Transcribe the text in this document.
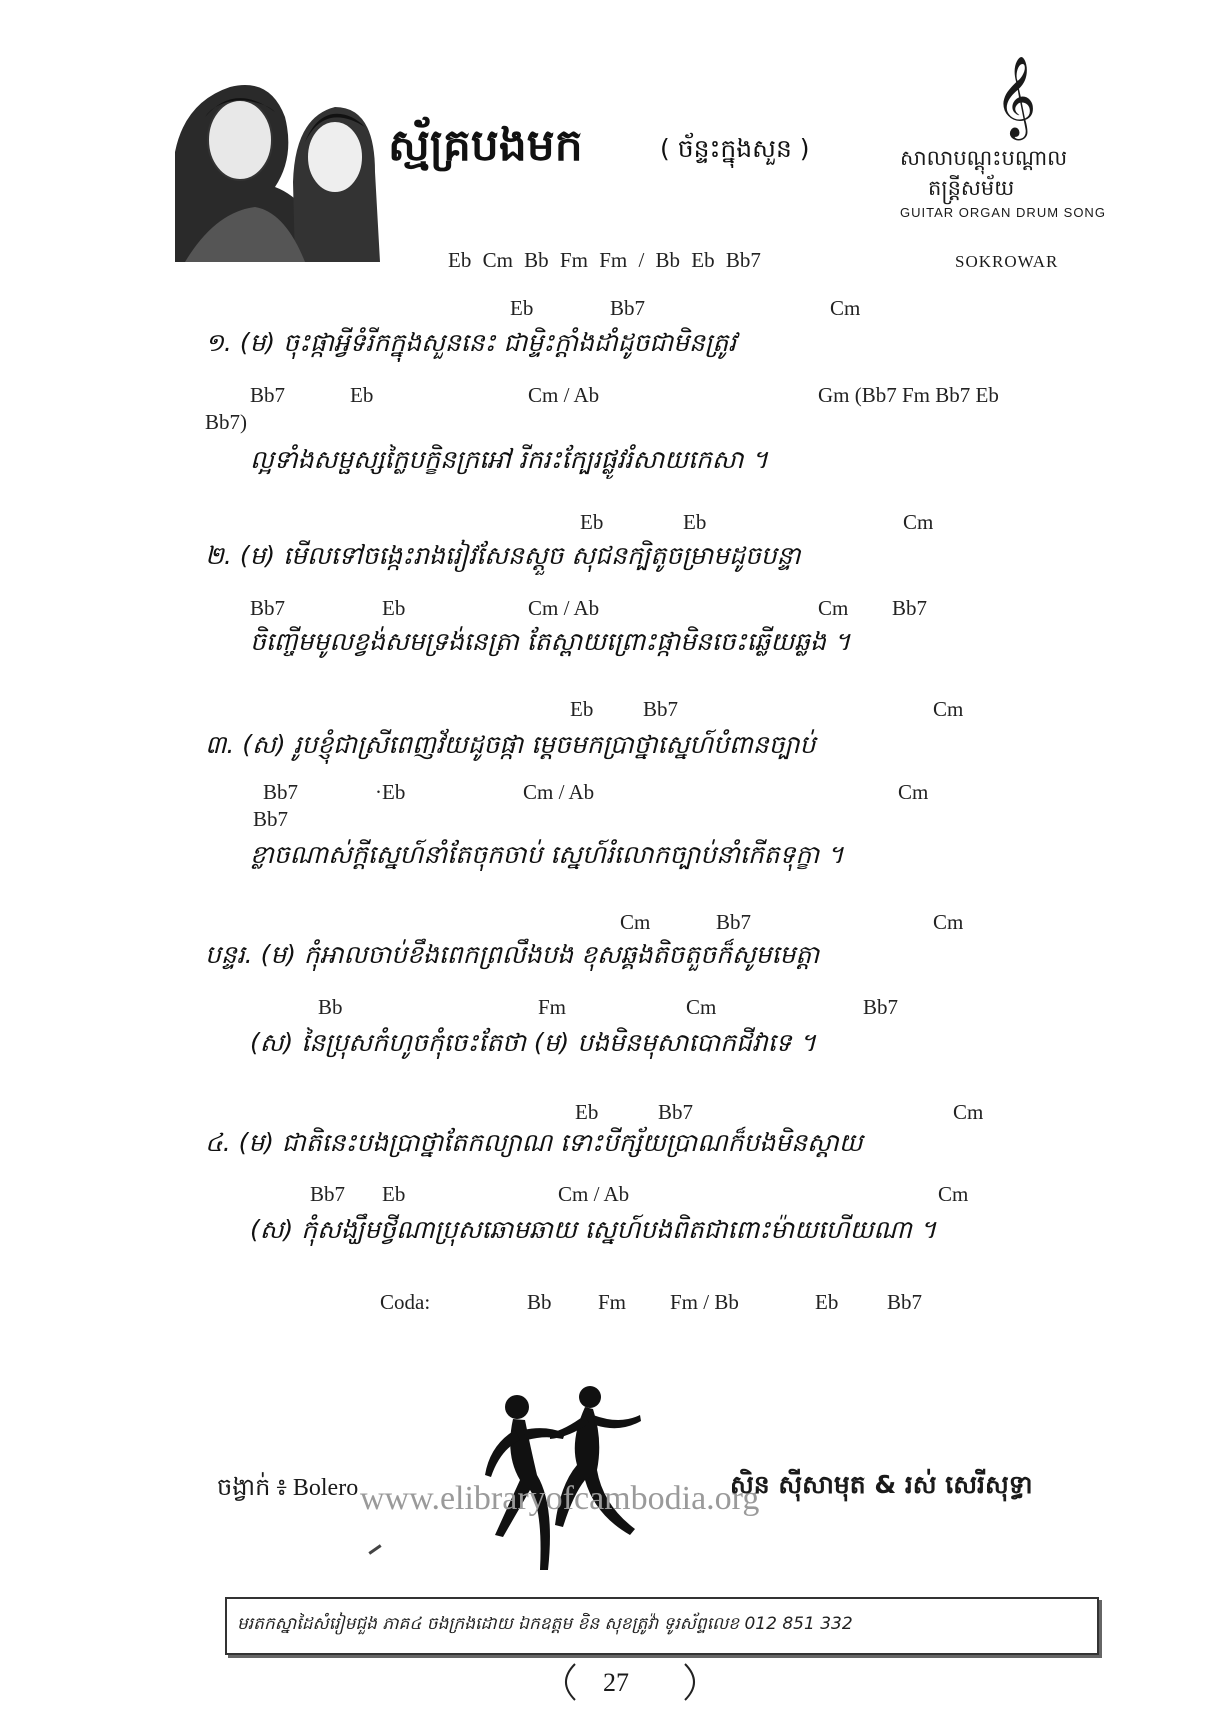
ស្ម័គ្របងមក	( ច័ន្ទះក្នុងសួន )
𝄞
សាលាបណ្តុះបណ្តាល
តន្ត្រីសម័យ
GUITAR ORGAN DRUM SONG
SOKROWAR
Eb Cm Bb Fm Fm / Bb Eb Bb7
Eb	Bb7	Cm
១. (ម) ចុះផ្កាអ្វីទំរីកក្នុងសួននេះ ជាម្ទិះក្តាំងដាំដូចជាមិនត្រូវ
Bb7	Eb	Cm / Ab	Gm (Bb7 Fm Bb7 Eb
Bb7)
ល្អទាំងសម្ផស្សក្លៃបក្ខិនក្រអៅ រីករះក្បែរផ្លូវរំសាយកេសា ។
Eb	Eb	Cm
២. (ម) មើលទៅចង្កេះរាងរៀវសែនស្តួច សុជនក្បិតូចម្រាមដូចបន្ទា
Bb7	Eb	Cm / Ab	Cm Bb7
ចិញ្ចើមមូលខ្វង់សមទ្រង់នេត្រា តែស្ពាយព្រោះផ្កាមិនចេះឆ្លើយឆ្លង ។
Eb Bb7	Cm
៣. (ស) រូបខ្ញុំជាស្រីពេញវ័យដូចផ្កា ម្តេចមកប្រាថ្នាស្នេហ៍បំពានច្បាប់
Bb7	·Eb	Cm / Ab	Cm
Bb7
ខ្លាចណាស់ក្តីស្នេហ៍នាំតែចុកចាប់ ស្នេហ៍រំលោកច្បាប់នាំកើតទុក្ខា ។
Cm	Bb7	Cm
បន្ទរ. (ម) កុំអាលចាប់ខឹងពេកព្រលឹងបង ខុសឆ្គងតិចតួចក៏សូមមេត្តា
Bb	Fm	Cm	Bb7
(ស) នៃប្រុសកំហូចកុំចេះតែថា (ម) បងមិនមុសាបោកជីវាទេ ។
Eb	Bb7	Cm
៤. (ម) ជាតិនេះបងប្រាថ្នាតែកល្យាណ ទោះបីក្ស័យប្រាណក៏បងមិនស្តាយ
Bb7 Eb	Cm / Ab	Cm
(ស) កុំសង្ឃឹមថ្វីណាប្រុសឆោមឆាយ ស្នេហ៍បងពិតជាពោះម៉ាយហើយណា ។
Coda:	Bb Fm Fm / Bb	Eb Bb7
ចង្វាក់ ៖ Bolero www.elibraryofcambodia.org
សិន ស៊ីសាមុត & រស់ សេរីសុទ្ធា
មរតកស្នាដៃសំរៀមជួង ភាគ៤ ចងក្រងដោយ ឯកឧត្តម ខិន សុខត្រូវ៉ា ទូរស័ព្ទលេខ 012 851 332
27
